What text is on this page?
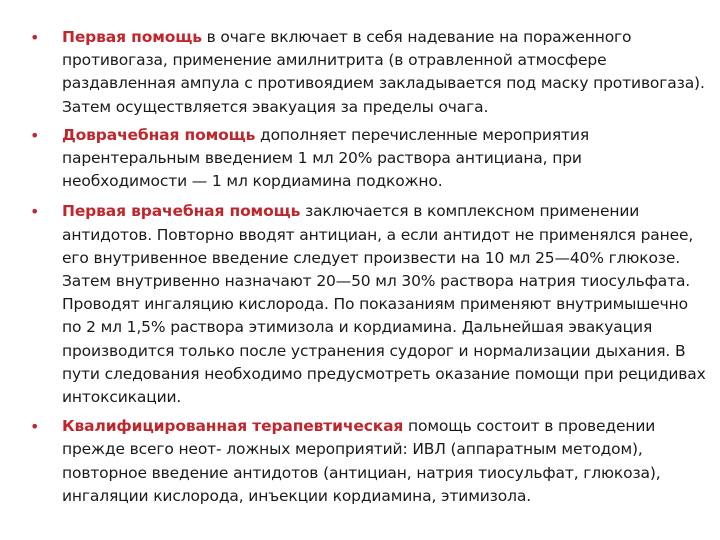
• Первая помощь в очаге включает в себя надевание на пораженного противогаза, применение амилнитрита (в отравленной атмосфере раздавленная ампула с противоядием закладывается под маску противогаза). Затем осуществляется эвакуация за пределы очага.
• Доврачебная помощь дополняет перечисленные мероприятия парентеральным введением 1 мл 20% раствора антициана, при необходимости — 1 мл кордиамина подкожно.
• Первая врачебная помощь заключается в комплексном применении антидотов. Повторно вводят антициан, а если антидот не применялся ранее, его внутривенное введение следует произвести на 10 мл 25—40% глюкозе. Затем внутривенно назначают 20—50 мл 30% раствора натрия тиосульфата. Проводят ингаляцию кислорода. По показаниям применяют внутримышечно по 2 мл 1,5% раствора этимизола и кордиамина. Дальнейшая эвакуация производится только после устранения судорог и нормализации дыхания. В пути следования необходимо предусмотреть оказание помощи при рецидивах интоксикации.
• Квалифицированная терапевтическая помощь состоит в проведении прежде всего неот- ложных мероприятий: ИВЛ (аппаратным методом), повторное введение антидотов (антициан, натрия тиосульфат, глюкоза), ингаляции кислорода, инъекции кордиамина, этимизола.
